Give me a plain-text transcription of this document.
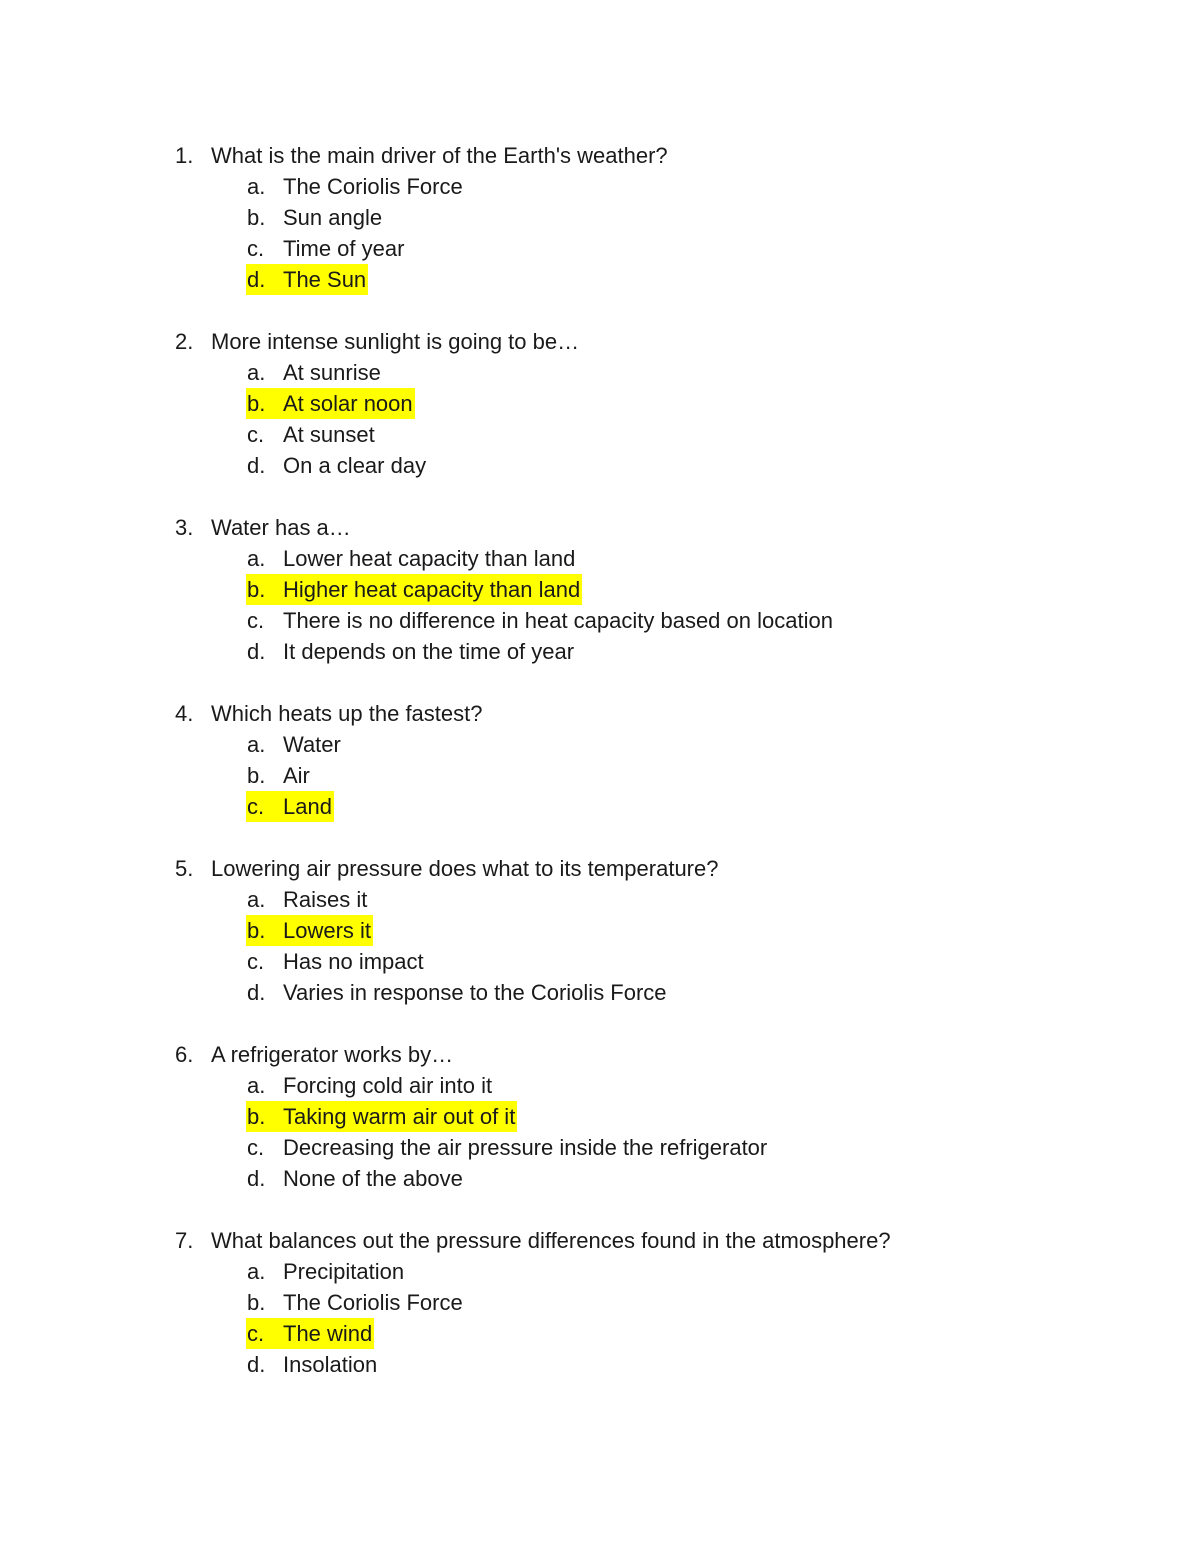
1. What is the main driver of the Earth's weather?
a. The Coriolis Force
b. Sun angle
c. Time of year
d. The Sun
2. More intense sunlight is going to be…
a. At sunrise
b. At solar noon
c. At sunset
d. On a clear day
3. Water has a…
a. Lower heat capacity than land
b. Higher heat capacity than land
c. There is no difference in heat capacity based on location
d. It depends on the time of year
4. Which heats up the fastest?
a. Water
b. Air
c. Land
5. Lowering air pressure does what to its temperature?
a. Raises it
b. Lowers it
c. Has no impact
d. Varies in response to the Coriolis Force
6. A refrigerator works by…
a. Forcing cold air into it
b. Taking warm air out of it
c. Decreasing the air pressure inside the refrigerator
d. None of the above
7. What balances out the pressure differences found in the atmosphere?
a. Precipitation
b. The Coriolis Force
c. The wind
d. Insolation
